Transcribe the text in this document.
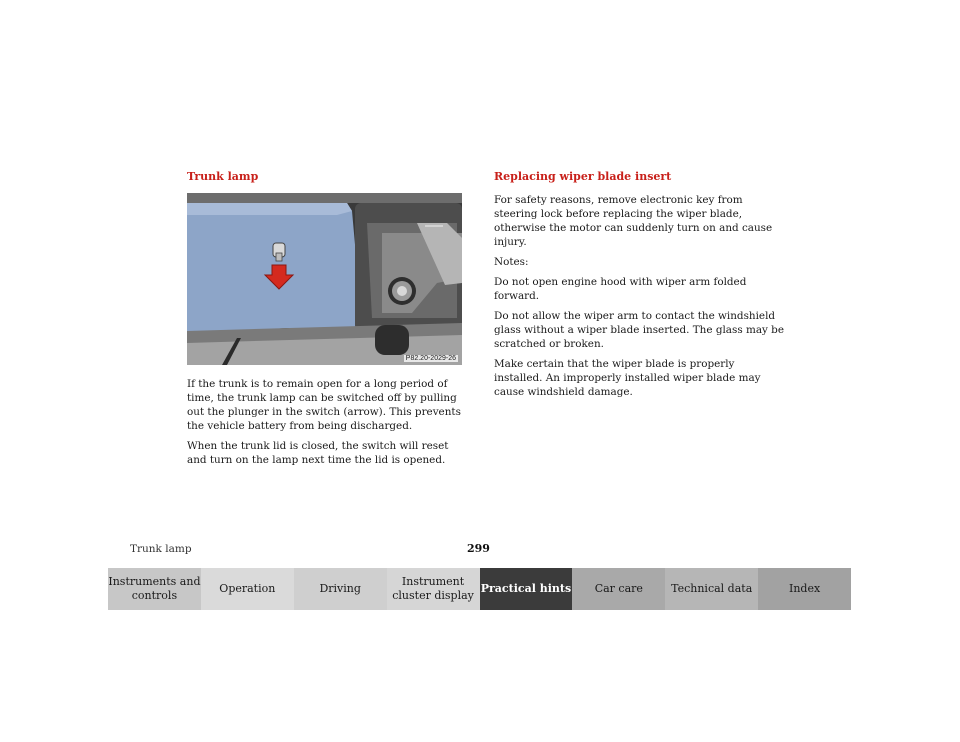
Trunk lamp
P82.20-2029-26

If the trunk is to remain open for a long period of time, the trunk lamp can be switched off by pulling out the plunger in the switch (arrow). This prevents the vehicle battery from being discharged.

When the trunk lid is closed, the switch will reset and turn on the lamp next time the lid is opened.

Replacing wiper blade insert

For safety reasons, remove electronic key from steering lock before replacing the wiper blade, otherwise the motor can suddenly turn on and cause injury.

Notes:

Do not open engine hood with wiper arm folded forward.

Do not allow the wiper arm to contact the windshield glass without a wiper blade inserted. The glass may be scratched or broken.

Make certain that the wiper blade is properly installed. An improperly installed wiper blade may cause windshield damage.

Trunk lamp	299
Instruments and controls
Operation	Driving
Instrument cluster display
Practical hints	Car care	Technical data	Index
